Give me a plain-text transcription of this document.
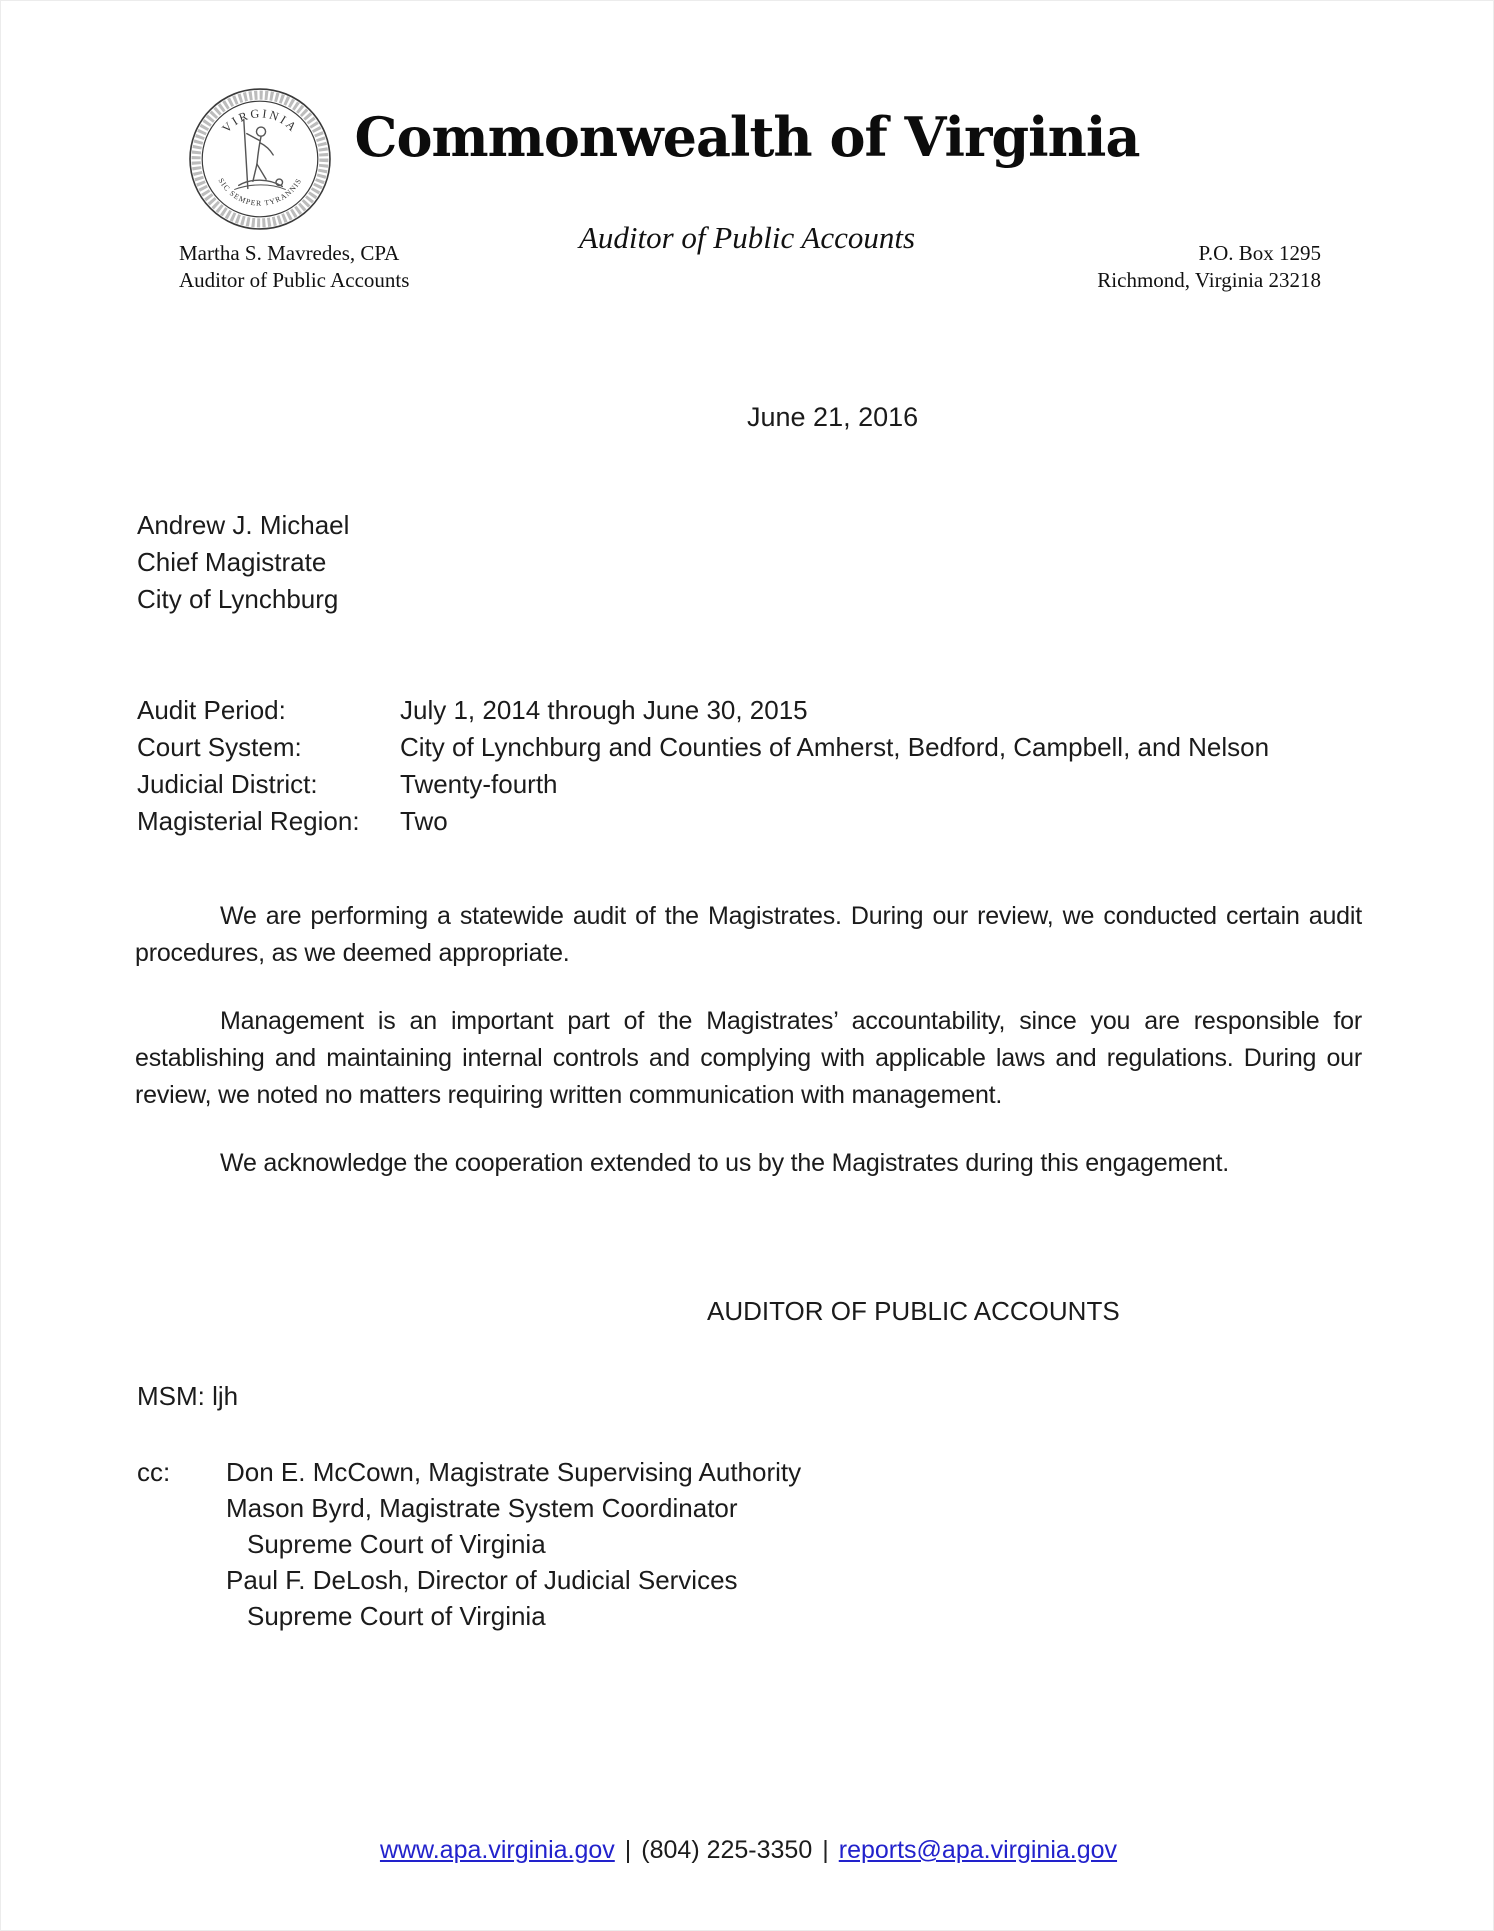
VIRGINIA
SIC SEMPER TYRANNIS
Commonwealth of Virginia
Auditor of Public Accounts
Martha S. Mavredes, CPA
Auditor of Public Accounts
P.O. Box 1295
Richmond, Virginia 23218
June 21, 2016
Andrew J. Michael
Chief Magistrate
City of Lynchburg
Audit Period:	July 1, 2014 through June 30, 2015
Court System:	City of Lynchburg and Counties of Amherst, Bedford, Campbell, and Nelson
Judicial District:	Twenty-fourth
Magisterial Region:	Two

We are performing a statewide audit of the Magistrates. During our review, we conducted certain audit procedures, as we deemed appropriate.

Management is an important part of the Magistrates’ accountability, since you are responsible for establishing and maintaining internal controls and complying with applicable laws and regulations. During our review, we noted no matters requiring written communication with management.

We acknowledge the cooperation extended to us by the Magistrates during this engagement.

AUDITOR OF PUBLIC ACCOUNTS
MSM: ljh
cc:	Don E. McCown, Magistrate Supervising Authority
Mason Byrd, Magistrate System Coordinator
Supreme Court of Virginia
Paul F. DeLosh, Director of Judicial Services
Supreme Court of Virginia
www.apa.virginia.gov | (804) 225-3350 | reports@apa.virginia.gov
